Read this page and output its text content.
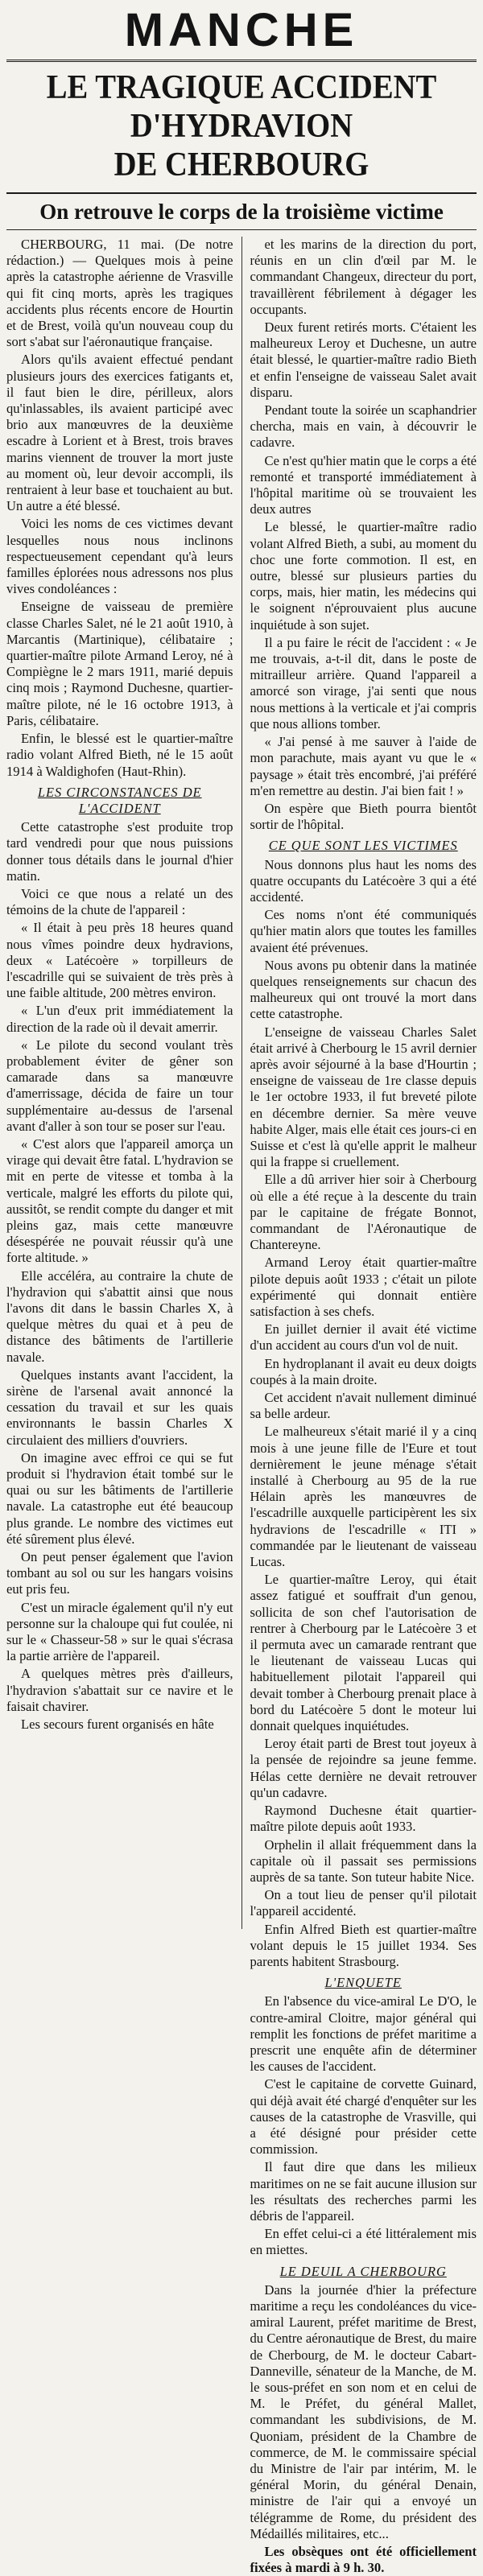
MANCHE
LE TRAGIQUE ACCIDENT D'HYDRAVION
DE CHERBOURG
On retrouve le corps de la troisième victime

CHERBOURG, 11 mai. (De notre rédaction.) — Quelques mois à peine après la catastrophe aérienne de Vrasville qui fit cinq morts, après les tragiques accidents plus récents encore de Hourtin et de Brest, voilà qu'un nouveau coup du sort s'abat sur l'aéronautique française.

Alors qu'ils avaient effectué pendant plusieurs jours des exercices fatigants et, il faut bien le dire, périlleux, alors qu'inlassables, ils avaient participé avec brio aux manœuvres de la deuxième escadre à Lorient et à Brest, trois braves marins viennent de trouver la mort juste au moment où, leur devoir accompli, ils rentraient à leur base et touchaient au but. Un autre a été blessé.

Voici les noms de ces victimes devant lesquelles nous nous inclinons respectueusement cependant qu'à leurs familles éplorées nous adressons nos plus vives condoléances :

Enseigne de vaisseau de première classe Charles Salet, né le 21 août 1910, à Marcantis (Martinique), célibataire ; quartier-maître pilote Armand Leroy, né à Compiègne le 2 mars 1911, marié depuis cinq mois ; Raymond Duchesne, quartier-maître pilote, né le 16 octobre 1913, à Paris, célibataire.

Enfin, le blessé est le quartier-maître radio volant Alfred Bieth, né le 15 août 1914 à Waldighofen (Haut-Rhin).

LES CIRCONSTANCES DE L'ACCIDENT

Cette catastrophe s'est produite trop tard vendredi pour que nous puissions donner tous détails dans le journal d'hier matin.

Voici ce que nous a relaté un des témoins de la chute de l'appareil :

« Il était à peu près 18 heures quand nous vîmes poindre deux hydravions, deux « Latécoère » torpilleurs de l'escadrille qui se suivaient de très près à une faible altitude, 200 mètres environ.

« L'un d'eux prit immédiatement la direction de la rade où il devait amerrir.

« Le pilote du second voulant très probablement éviter de gêner son camarade dans sa manœuvre d'amerrissage, décida de faire un tour supplémentaire au-dessus de l'arsenal avant d'aller à son tour se poser sur l'eau.

« C'est alors que l'appareil amorça un virage qui devait être fatal. L'hydravion se mit en perte de vitesse et tomba à la verticale, malgré les efforts du pilote qui, aussitôt, se rendit compte du danger et mit pleins gaz, mais cette manœuvre désespérée ne pouvait réussir qu'à une forte altitude. »

Elle accéléra, au contraire la chute de l'hydravion qui s'abattit ainsi que nous l'avons dit dans le bassin Charles X, à quelque mètres du quai et à peu de distance des bâtiments de l'artillerie navale.

Quelques instants avant l'accident, la sirène de l'arsenal avait annoncé la cessation du travail et sur les quais environnants le bassin Charles X circulaient des milliers d'ouvriers.

On imagine avec effroi ce qui se fut produit si l'hydravion était tombé sur le quai ou sur les bâtiments de l'artillerie navale. La catastrophe eut été beaucoup plus grande. Le nombre des victimes eut été sûrement plus élevé.

On peut penser également que l'avion tombant au sol ou sur les hangars voisins eut pris feu.

C'est un miracle également qu'il n'y eut personne sur la chaloupe qui fut coulée, ni sur le « Chasseur-58 » sur le quai s'écrasa la partie arrière de l'appareil.

A quelques mètres près d'ailleurs, l'hydravion s'abattait sur ce navire et le faisait chavirer.

Les secours furent organisés en hâte

et les marins de la direction du port, réunis en un clin d'œil par M. le commandant Changeux, directeur du port, travaillèrent fébrilement à dégager les occupants.

Deux furent retirés morts. C'étaient les malheureux Leroy et Duchesne, un autre était blessé, le quartier-maître radio Bieth et enfin l'enseigne de vaisseau Salet avait disparu.

Pendant toute la soirée un scaphandrier chercha, mais en vain, à découvrir le cadavre.

Ce n'est qu'hier matin que le corps a été remonté et transporté immédiatement à l'hôpital maritime où se trouvaient les deux autres

Le blessé, le quartier-maître radio volant Alfred Bieth, a subi, au moment du choc une forte commotion. Il est, en outre, blessé sur plusieurs parties du corps, mais, hier matin, les médecins qui le soignent n'éprouvaient plus aucune inquiétude à son sujet.

Il a pu faire le récit de l'accident : « Je me trouvais, a-t-il dit, dans le poste de mitrailleur arrière. Quand l'appareil a amorcé son virage, j'ai senti que nous nous mettions à la verticale et j'ai compris que nous allions tomber.

« J'ai pensé à me sauver à l'aide de mon parachute, mais ayant vu que le « paysage » était très encombré, j'ai préféré m'en remettre au destin. J'ai bien fait ! »

On espère que Bieth pourra bientôt sortir de l'hôpital.

CE QUE SONT LES VICTIMES

Nous donnons plus haut les noms des quatre occupants du Latécoère 3 qui a été accidenté.

Ces noms n'ont été communiqués qu'hier matin alors que toutes les familles avaient été prévenues.

Nous avons pu obtenir dans la matinée quelques renseignements sur chacun des malheureux qui ont trouvé la mort dans cette catastrophe.

L'enseigne de vaisseau Charles Salet était arrivé à Cherbourg le 15 avril dernier après avoir séjourné à la base d'Hourtin ; enseigne de vaisseau de 1re classe depuis le 1er octobre 1933, il fut breveté pilote en décembre dernier. Sa mère veuve habite Alger, mais elle était ces jours-ci en Suisse et c'est là qu'elle apprit le malheur qui la frappe si cruellement.

Elle a dû arriver hier soir à Cherbourg où elle a été reçue à la descente du train par le capitaine de frégate Bonnot, commandant de l'Aéronautique de Chantereyne.

Armand Leroy était quartier-maître pilote depuis août 1933 ; c'était un pilote expérimenté qui donnait entière satisfaction à ses chefs.

En juillet dernier il avait été victime d'un accident au cours d'un vol de nuit.

En hydroplanant il avait eu deux doigts coupés à la main droite.

Cet accident n'avait nullement diminué sa belle ardeur.

Le malheureux s'était marié il y a cinq mois à une jeune fille de l'Eure et tout dernièrement le jeune ménage s'était installé à Cherbourg au 95 de la rue Hélain après les manœuvres de l'escadrille auxquelle participèrent les six hydravions de l'escadrille « ITI » commandée par le lieutenant de vaisseau Lucas.

Le quartier-maître Leroy, qui était assez fatigué et souffrait d'un genou, sollicita de son chef l'autorisation de rentrer à Cherbourg par le Latécoère 3 et il permuta avec un camarade rentrant que le lieutenant de vaisseau Lucas qui habituellement pilotait l'appareil qui devait tomber à Cherbourg prenait place à bord du Latécoère 5 dont le moteur lui donnait quelques inquiétudes.

Leroy était parti de Brest tout joyeux à la pensée de rejoindre sa jeune femme. Hélas cette dernière ne devait retrouver qu'un cadavre.

Raymond Duchesne était quartier-maître pilote depuis août 1933.

Orphelin il allait fréquemment dans la capitale où il passait ses permissions auprès de sa tante. Son tuteur habite Nice.

On a tout lieu de penser qu'il pilotait l'appareil accidenté.

Enfin Alfred Bieth est quartier-maître volant depuis le 15 juillet 1934. Ses parents habitent Strasbourg.

L'ENQUETE

En l'absence du vice-amiral Le D'O, le contre-amiral Cloitre, major général qui remplit les fonctions de préfet maritime a prescrit une enquête afin de déterminer les causes de l'accident.

C'est le capitaine de corvette Guinard, qui déjà avait été chargé d'enquêter sur les causes de la catastrophe de Vrasville, qui a été désigné pour présider cette commission.

Il faut dire que dans les milieux maritimes on ne se fait aucune illusion sur les résultats des recherches parmi les débris de l'appareil.

En effet celui-ci a été littéralement mis en miettes.

LE DEUIL A CHERBOURG

Dans la journée d'hier la préfecture maritime a reçu les condoléances du vice-amiral Laurent, préfet maritime de Brest, du Centre aéronautique de Brest, du maire de Cherbourg, de M. le docteur Cabart-Danneville, sénateur de la Manche, de M. le sous-préfet en son nom et en celui de M. le Préfet, du général Mallet, commandant les subdivisions, de M. Quoniam, président de la Chambre de commerce, de M. le commissaire spécial du Ministre de l'air par intérim, M. le général Morin, du général Denain, ministre de l'air qui a envoyé un télégramme de Rome, du président des Médaillés militaires, etc...

Les obsèques ont été officiellement fixées à mardi à 9 h. 30.
